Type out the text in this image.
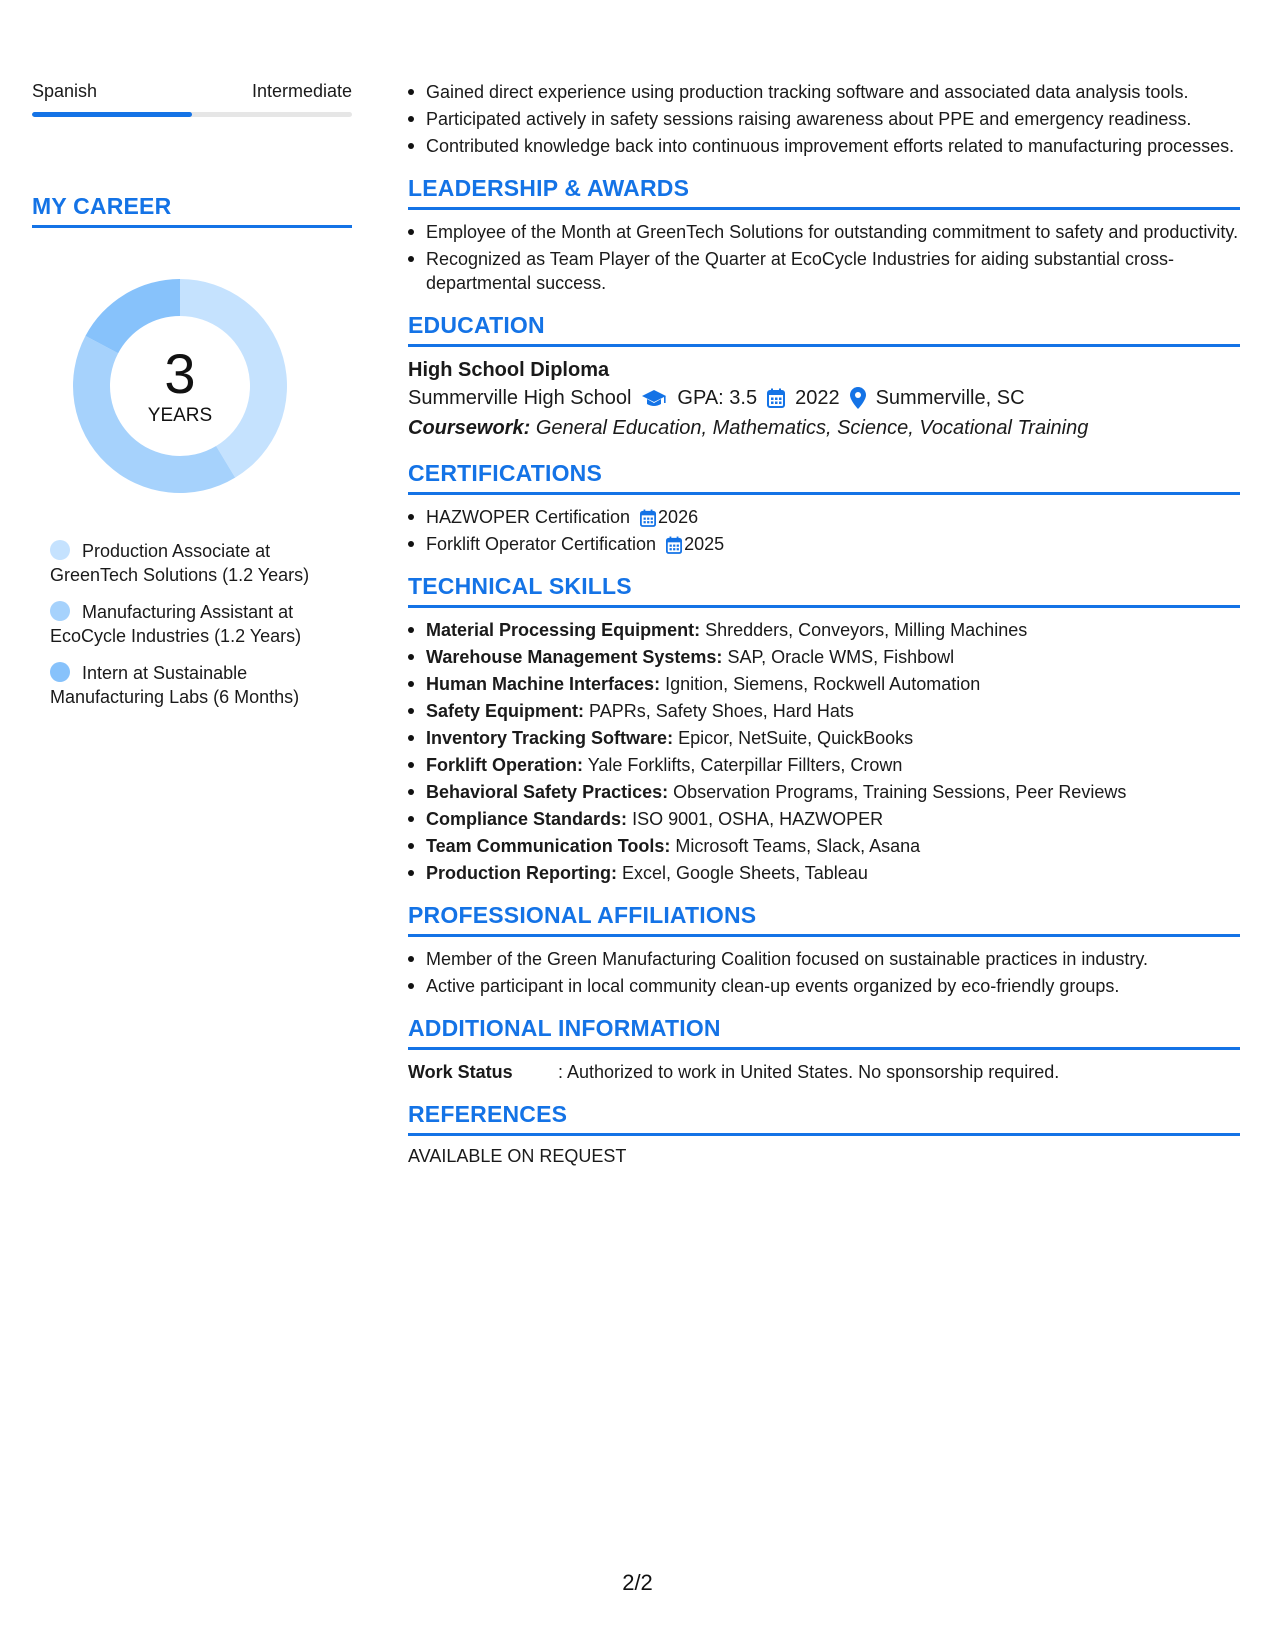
Spanish	Intermediate
MY CAREER
3
YEARS
Production Associate at GreenTech Solutions (1.2 Years)
Manufacturing Assistant at EcoCycle Industries (1.2 Years)
Intern at Sustainable Manufacturing Labs (6 Months)
Gained direct experience using production tracking software and associated data analysis tools.
Participated actively in safety sessions raising awareness about PPE and emergency readiness.
Contributed knowledge back into continuous improvement efforts related to manufacturing processes.
LEADERSHIP & AWARDS
Employee of the Month at GreenTech Solutions for outstanding commitment to safety and productivity.
Recognized as Team Player of the Quarter at EcoCycle Industries for aiding substantial cross-departmental success.
EDUCATION
High School Diploma
Summerville High School GPA: 3.5 2022 Summerville, SC
Coursework: General Education, Mathematics, Science, Vocational Training
CERTIFICATIONS
HAZWOPER Certification 2026
Forklift Operator Certification 2025
TECHNICAL SKILLS
Material Processing Equipment: Shredders, Conveyors, Milling Machines
Warehouse Management Systems: SAP, Oracle WMS, Fishbowl
Human Machine Interfaces: Ignition, Siemens, Rockwell Automation
Safety Equipment: PAPRs, Safety Shoes, Hard Hats
Inventory Tracking Software: Epicor, NetSuite, QuickBooks
Forklift Operation: Yale Forklifts, Caterpillar Fillters, Crown
Behavioral Safety Practices: Observation Programs, Training Sessions, Peer Reviews
Compliance Standards: ISO 9001, OSHA, HAZWOPER
Team Communication Tools: Microsoft Teams, Slack, Asana
Production Reporting: Excel, Google Sheets, Tableau
PROFESSIONAL AFFILIATIONS
Member of the Green Manufacturing Coalition focused on sustainable practices in industry.
Active participant in local community clean-up events organized by eco-friendly groups.
ADDITIONAL INFORMATION
Work Status	: Authorized to work in United States. No sponsorship required.
REFERENCES
AVAILABLE ON REQUEST
2/2
